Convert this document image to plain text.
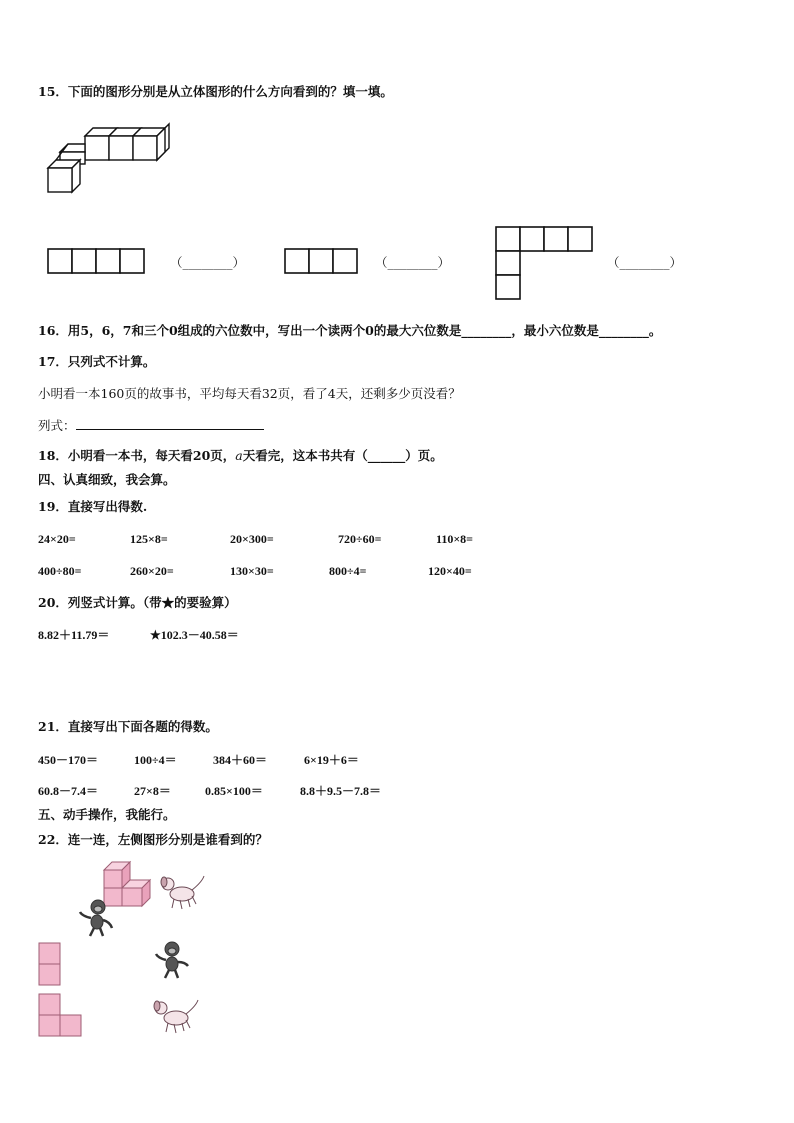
15．下面的图形分别是从立体图形的什么方向看到的？填一填。
（________）	（________）	（________）
16．用5，6，7和三个0组成的六位数中，写出一个读两个0的最大六位数是________，最小六位数是________。
17．只列式不计算。
小明看一本160页的故事书，平均每天看32页，看了4天，还剩多少页没看？
列式：
18．小明看一本书，每天看20页，a天看完，这本书共有（______）页。
四、认真细致，我会算。
19．直接写出得数.
24×20=	125×8=	20×300=	720÷60=	110×8=
400÷80=	260×20=	130×30=	800÷4=	120×40=
20．列竖式计算。（带★的要验算）
8.82＋11.79＝	★102.3－40.58＝
21．直接写出下面各题的得数。
450－170＝	100÷4＝	384＋60＝	6×19＋6＝
60.8－7.4＝	27×8＝	0.85×100＝	8.8＋9.5－7.8＝
五、动手操作，我能行。
22．连一连，左侧图形分别是谁看到的？
